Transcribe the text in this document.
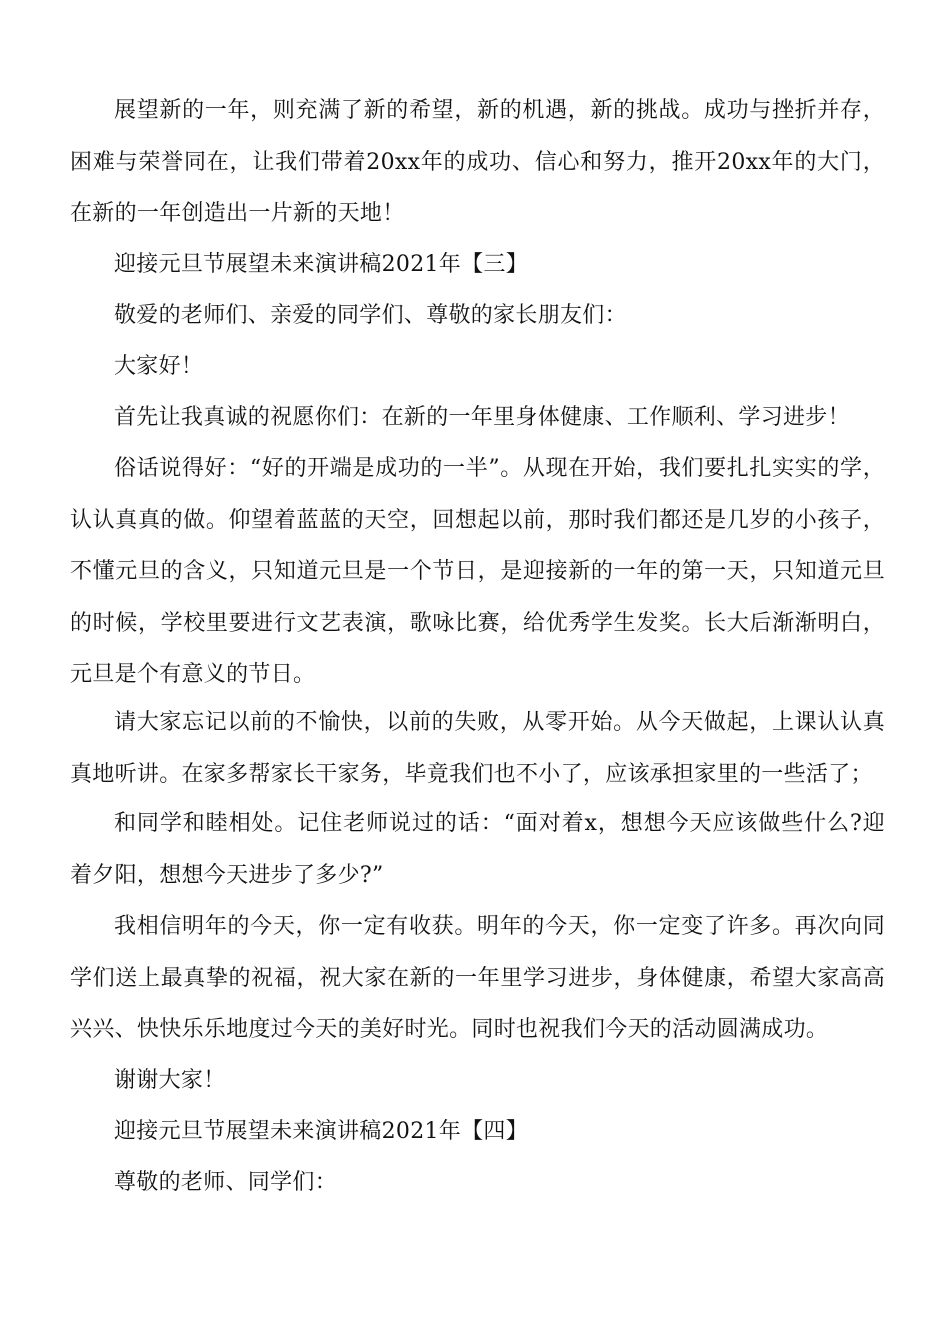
展望新的一年，则充满了新的希望，新的机遇，新的挑战。成功与挫折并存，困难与荣誉同在，让我们带着20xx年的成功、信心和努力，推开20xx年的大门，在新的一年创造出一片新的天地！

迎接元旦节展望未来演讲稿2021年【三】

敬爱的老师们、亲爱的同学们、尊敬的家长朋友们：

大家好！

首先让我真诚的祝愿你们：在新的一年里身体健康、工作顺利、学习进步！

俗话说得好：“好的开端是成功的一半”。从现在开始，我们要扎扎实实的学，认认真真的做。仰望着蓝蓝的天空，回想起以前，那时我们都还是几岁的小孩子，不懂元旦的含义，只知道元旦是一个节日，是迎接新的一年的第一天，只知道元旦的时候，学校里要进行文艺表演，歌咏比赛，给优秀学生发奖。长大后渐渐明白，元旦是个有意义的节日。

请大家忘记以前的不愉快，以前的失败，从零开始。从今天做起，上课认认真真地听讲。在家多帮家长干家务，毕竟我们也不小了，应该承担家里的一些活了；

和同学和睦相处。记住老师说过的话：“面对着x，想想今天应该做些什么?迎着夕阳，想想今天进步了多少?”

我相信明年的今天，你一定有收获。明年的今天，你一定变了许多。再次向同学们送上最真挚的祝福，祝大家在新的一年里学习进步，身体健康，希望大家高高兴兴、快快乐乐地度过今天的美好时光。同时也祝我们今天的活动圆满成功。

谢谢大家！

迎接元旦节展望未来演讲稿2021年【四】

尊敬的老师、同学们：
